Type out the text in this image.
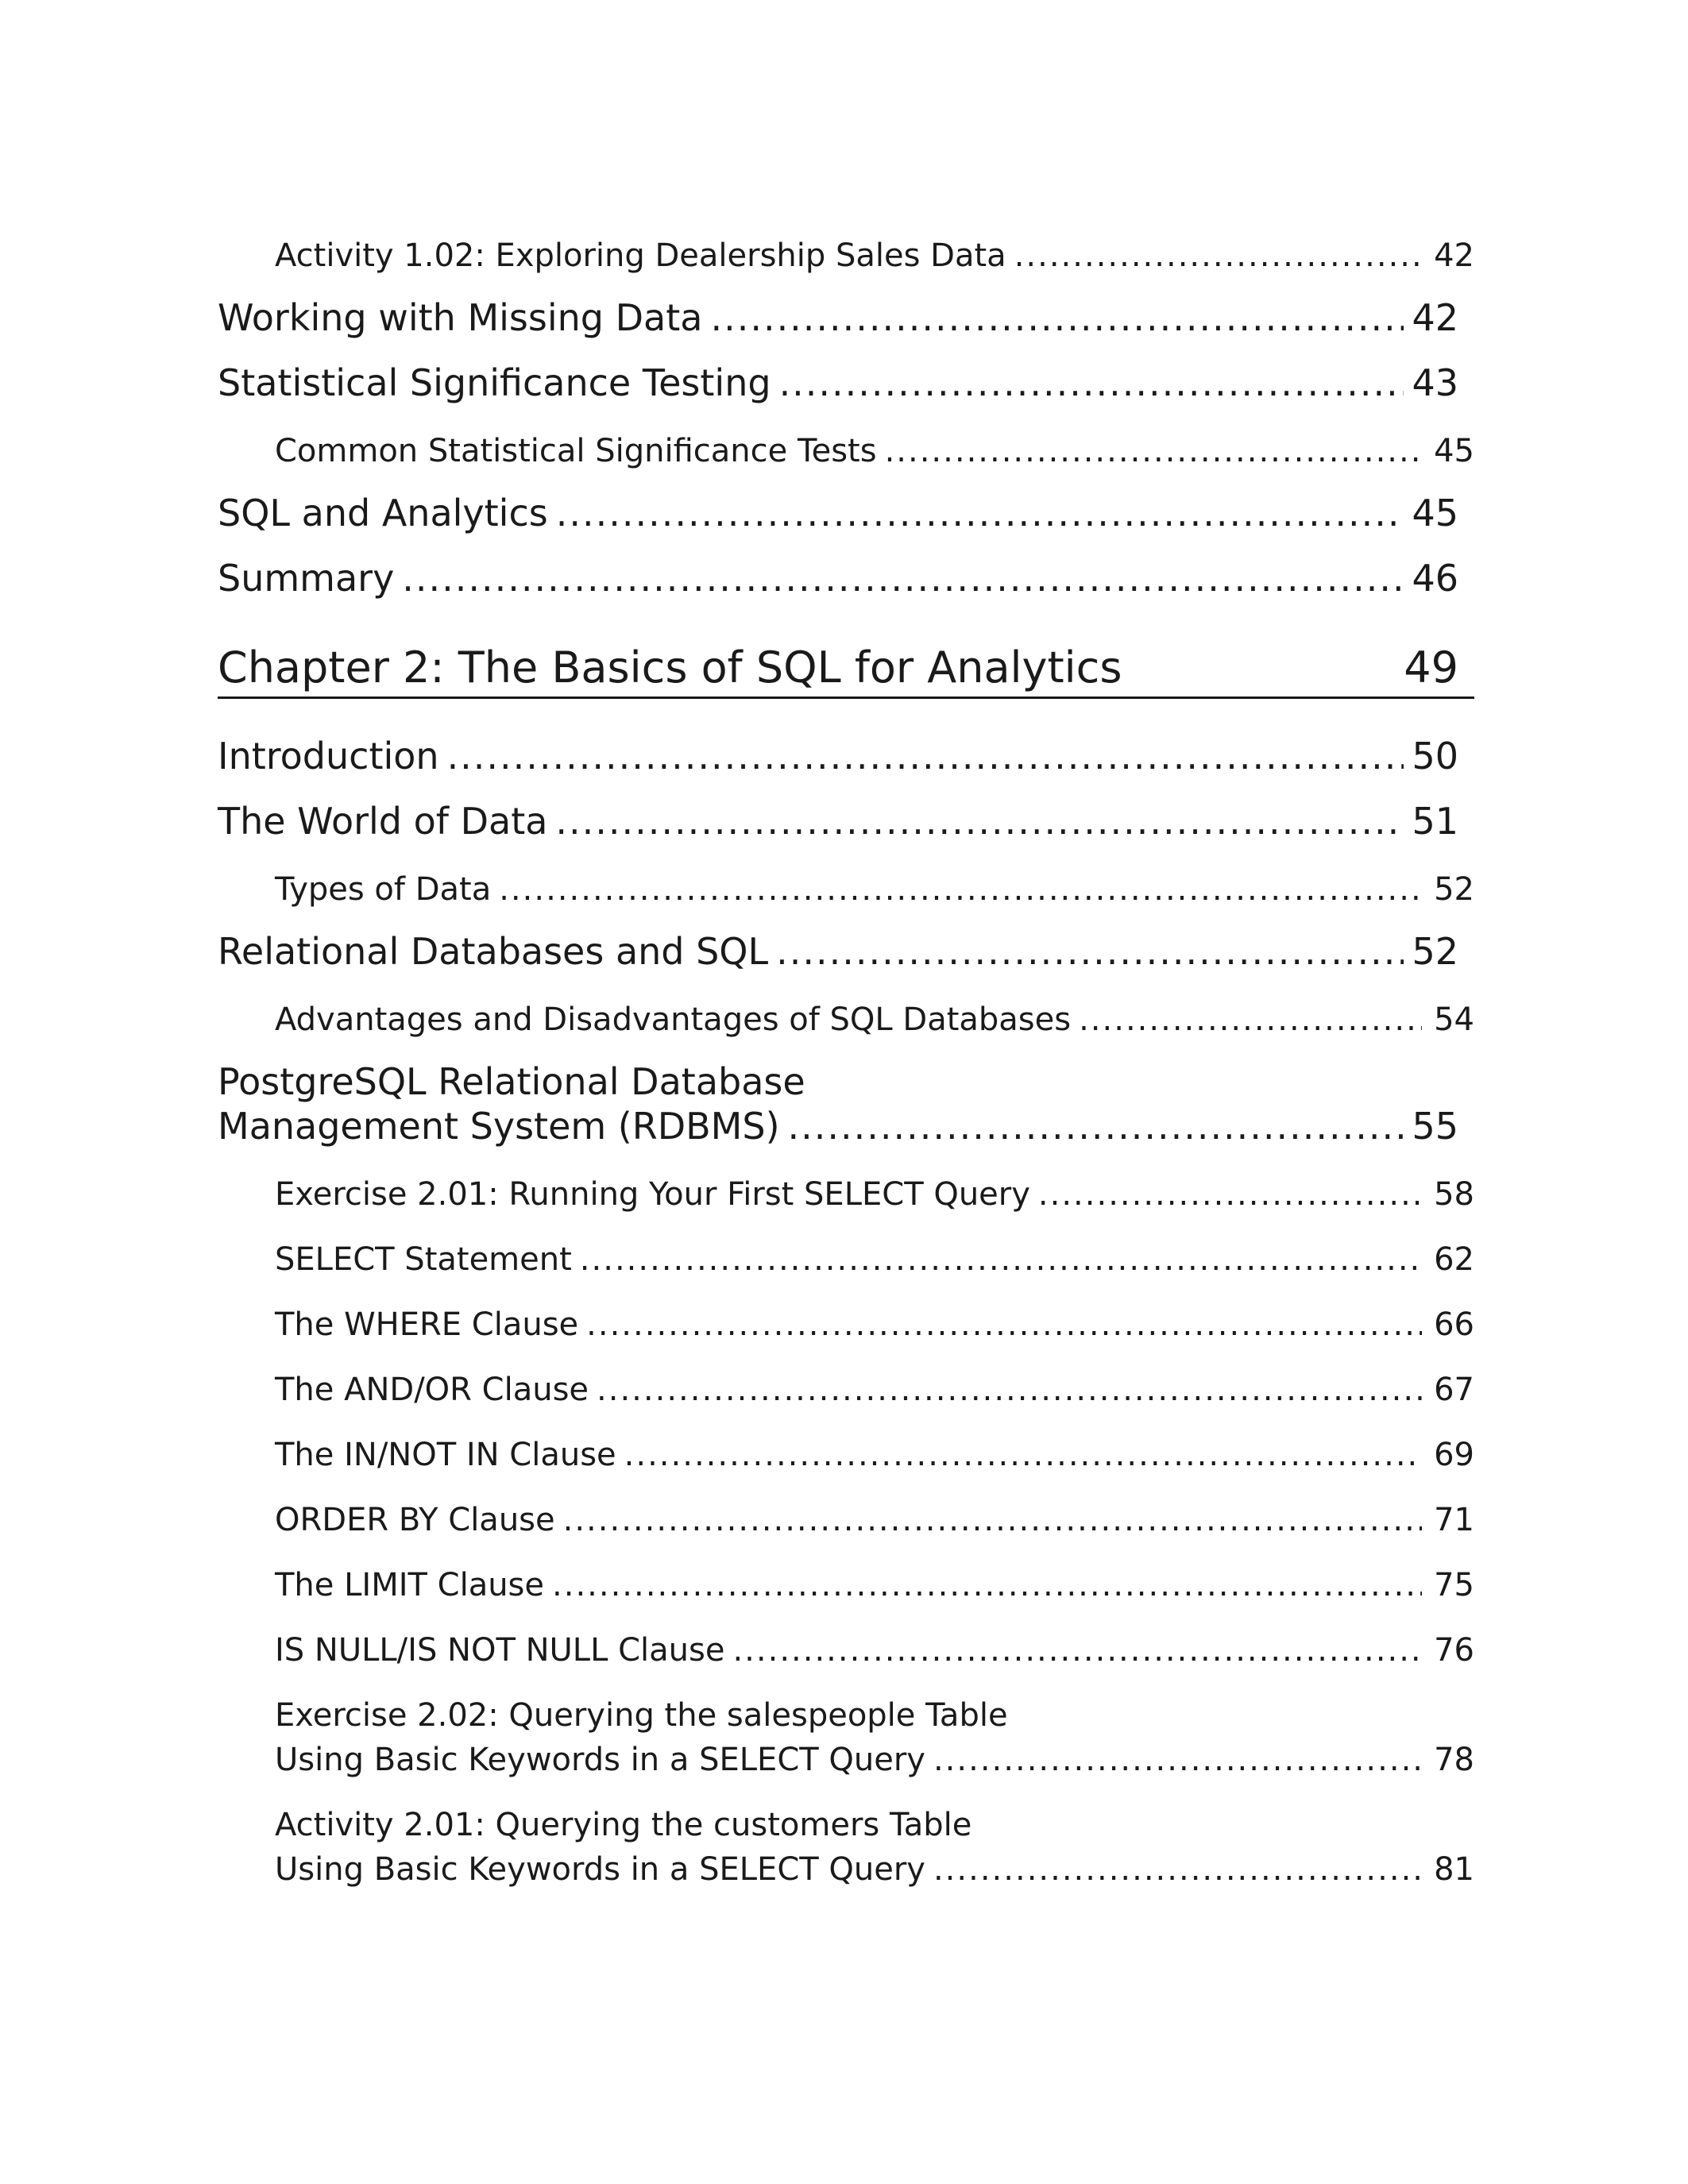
Activity 1.02: Exploring Dealership Sales Data .....	42
Working with Missing Data .....	42
Statistical Significance Testing .....	43
Common Statistical Significance Tests .....	45
SQL and Analytics .....	45
Summary .....	46
Chapter 2: The Basics of SQL for Analytics	49
Introduction .....	50
The World of Data .....	51
Types of Data .....	52
Relational Databases and SQL .....	52
Advantages and Disadvantages of SQL Databases .....	54
PostgreSQL Relational Database
Management System (RDBMS) .....	55
Exercise 2.01: Running Your First SELECT Query .....	58
SELECT Statement .....	62
The WHERE Clause .....	66
The AND/OR Clause .....	67
The IN/NOT IN Clause .....	69
ORDER BY Clause .....	71
The LIMIT Clause .....	75
IS NULL/IS NOT NULL Clause .....	76
Exercise 2.02: Querying the salespeople Table
Using Basic Keywords in a SELECT Query .....	78
Activity 2.01: Querying the customers Table
Using Basic Keywords in a SELECT Query .....	81
